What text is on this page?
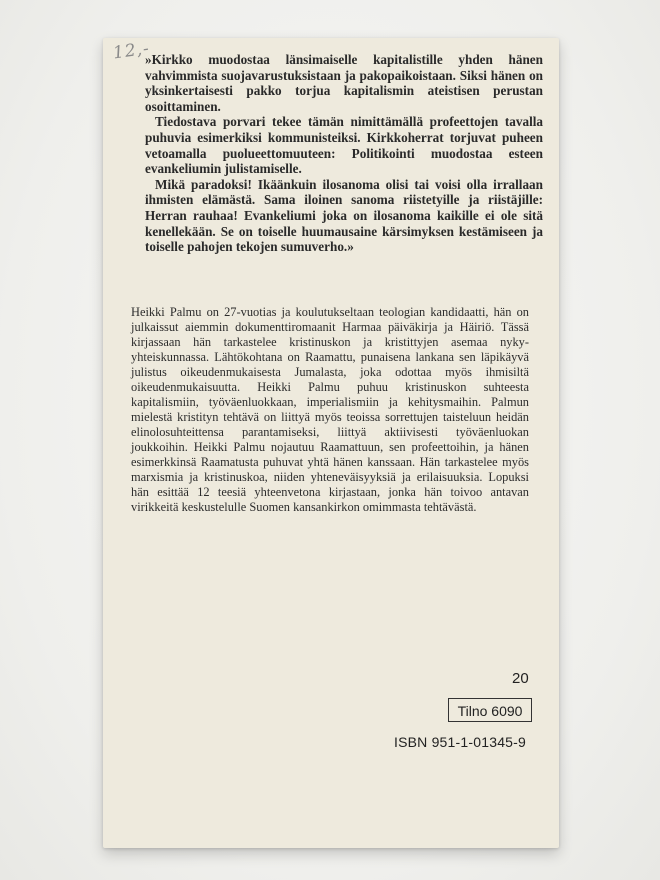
12,-

»Kirkko muodostaa länsimaiselle kapitalistille yhden hänen vahvimmista suojavarustuksistaan ja pakopaikoistaan. Siksi hänen on yksinkertaisesti pakko torjua kapitalismin ateistisen perustan osoittaminen.

Tiedostava porvari tekee tämän nimittämällä profeettojen tavalla puhuvia esimerkiksi kommunisteiksi. Kirkkoherrat torjuvat puheen vetoamalla puolueettomuuteen: Politikointi muodostaa esteen evankeliumin julistamiselle.

Mikä paradoksi! Ikäänkuin ilosanoma olisi tai voisi olla irrallaan ihmisten elämästä. Sama iloinen sanoma riistetyille ja riistäjille: Herran rauhaa! Evankeliumi joka on ilosanoma kaikille ei ole sitä kenellekään. Se on toiselle huumausaine kärsimyksen kestämiseen ja toiselle pahojen tekojen sumuverho.»

Heikki Palmu on 27-vuotias ja koulutukseltaan teologian kandidaatti, hän on julkaissut aiemmin dokumenttiromaanit Harmaa päiväkirja ja Häiriö. Tässä kirjassaan hän tarkastelee kristinuskon ja kristittyjen asemaa nyky-yhteiskunnassa. Lähtökohtana on Raamattu, punaisena lankana sen läpikäyvä julistus oikeudenmukaisesta Jumalasta, joka odottaa myös ihmisiltä oikeudenmukaisuutta. Heikki Palmu puhuu kristinuskon suhteesta kapitalismiin, työväenluokkaan, imperialismiin ja kehitysmaihin. Palmun mielestä kristityn tehtävä on liittyä myös teoissa sorrettujen taisteluun heidän elinolosuhteittensa parantamiseksi, liittyä aktiivisesti työväenluokan joukkoihin. Heikki Palmu nojautuu Raamattuun, sen profeettoihin, ja hänen esimerkkinsä Raamatusta puhuvat yhtä hänen kanssaan. Hän tarkastelee myös marxismia ja kristinuskoa, niiden yhteneväisyyksiä ja erilaisuuksia. Lopuksi hän esittää 12 teesiä yhteenvetona kirjastaan, jonka hän toivoo antavan virikkeitä keskustelulle Suomen kansankirkon omimmasta tehtävästä.

20
Tilno 6090
ISBN 951-1-01345-9
